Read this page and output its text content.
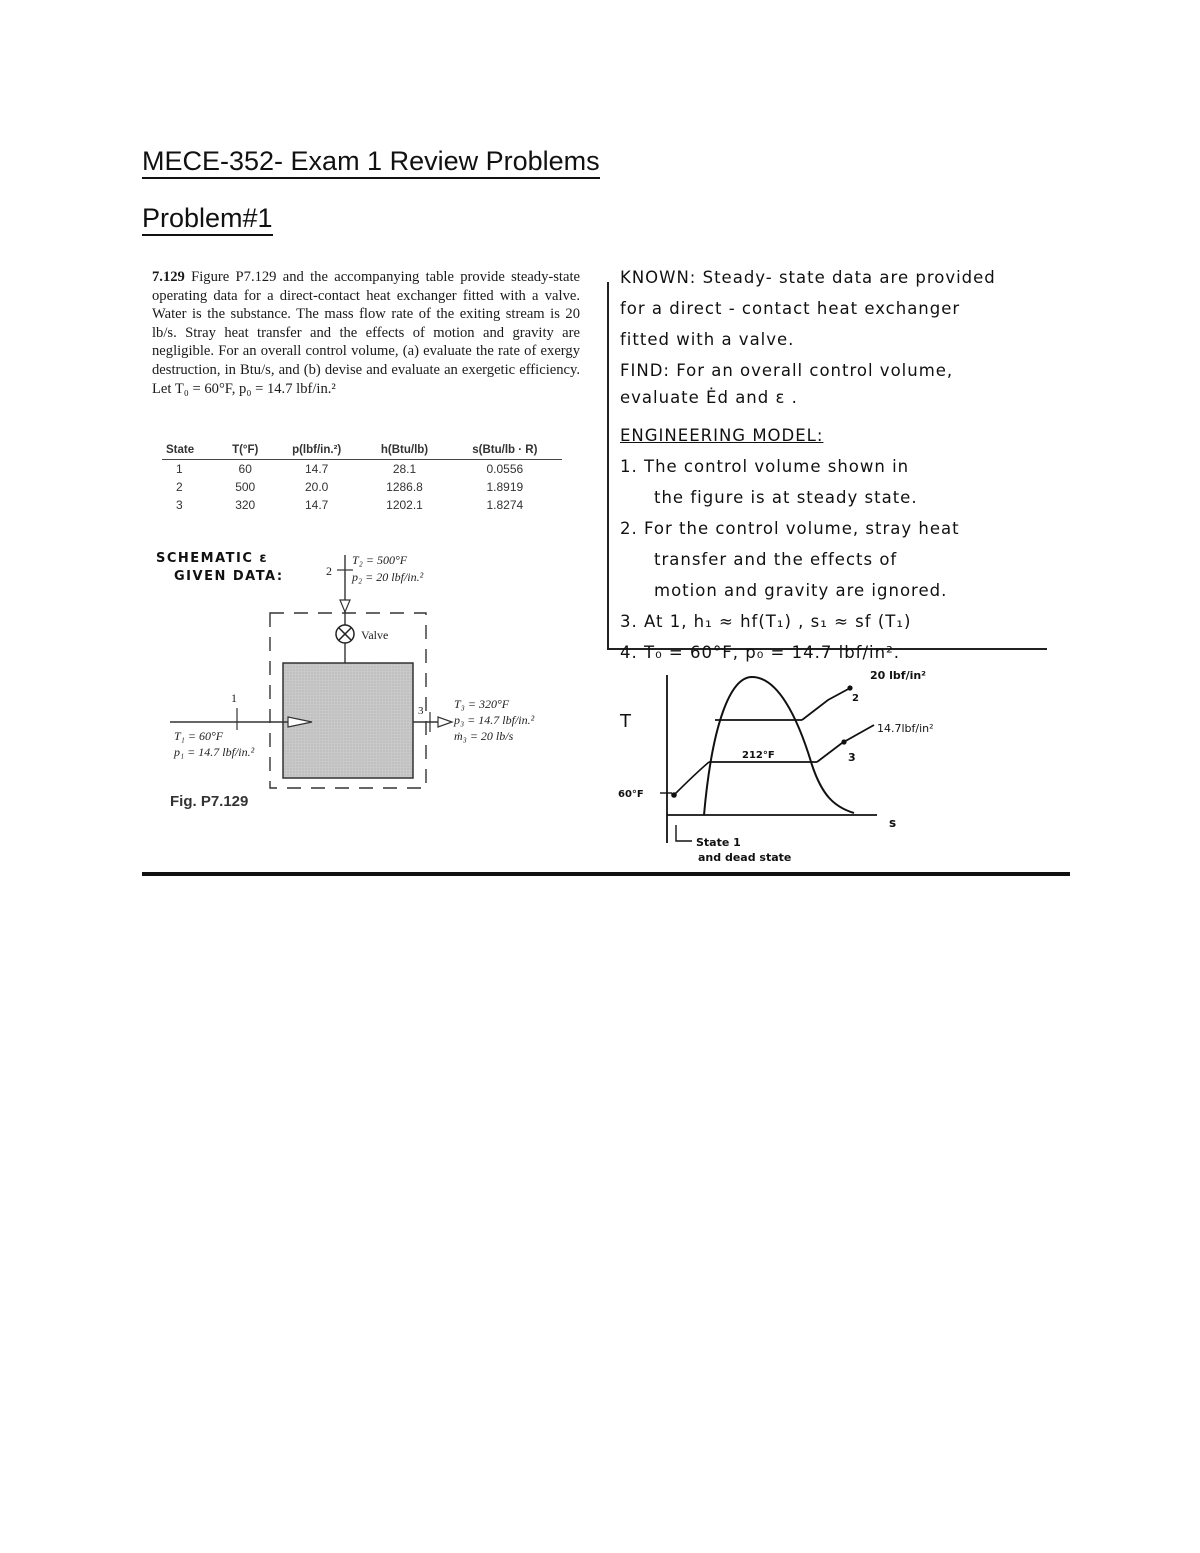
MECE-352- Exam 1 Review Problems
Problem#1
7.129 Figure P7.129 and the accompanying table provide steady-state operating data for a direct-contact heat exchanger fitted with a valve. Water is the substance. The mass flow rate of the exiting stream is 20 lb/s. Stray heat transfer and the effects of motion and gravity are negligible. For an overall control volume, (a) evaluate the rate of exergy destruction, in Btu/s, and (b) devise and evaluate an exergetic efficiency. Let T₀ = 60°F, p₀ = 14.7 lbf/in.²
State	T(°F)	p(lbf/in.²)	h(Btu/lb)	s(Btu/lb · R)
1	60	14.7	28.1	0.0556
2	500	20.0	1286.8	1.8919
3	320	14.7	1202.1	1.8274
SCHEMATIC ɛ
GIVEN DATA:	2
T₂ = 500°F
p₂ = 20 lbf/in.²
Valve
1
T₁ = 60°F
p₁ = 14.7 lbf/in.²
3	T₃ = 320°F
p₃ = 14.7 lbf/in.²
ṁ₃ = 20 lb/s
Fig. P7.129
KNOWN: Steady- state data are provided
for a direct - contact heat exchanger
fitted with a valve.
FIND: For an overall control volume,
evaluate Ėd and ε .
ENGINEERING MODEL:
1. The control volume shown in
the figure is at steady state.
2. For the control volume, stray heat
transfer and the effects of
motion and gravity are ignored.
3. At 1, h₁ ≈ hf(T₁) , s₁ ≈ sf (T₁)
4. T₀ = 60°F, p₀ = 14.7 lbf/in².
T
s
2
20 lbf/in²
3
14.7lbf/in²
212°F
60°F
State 1
and dead state
